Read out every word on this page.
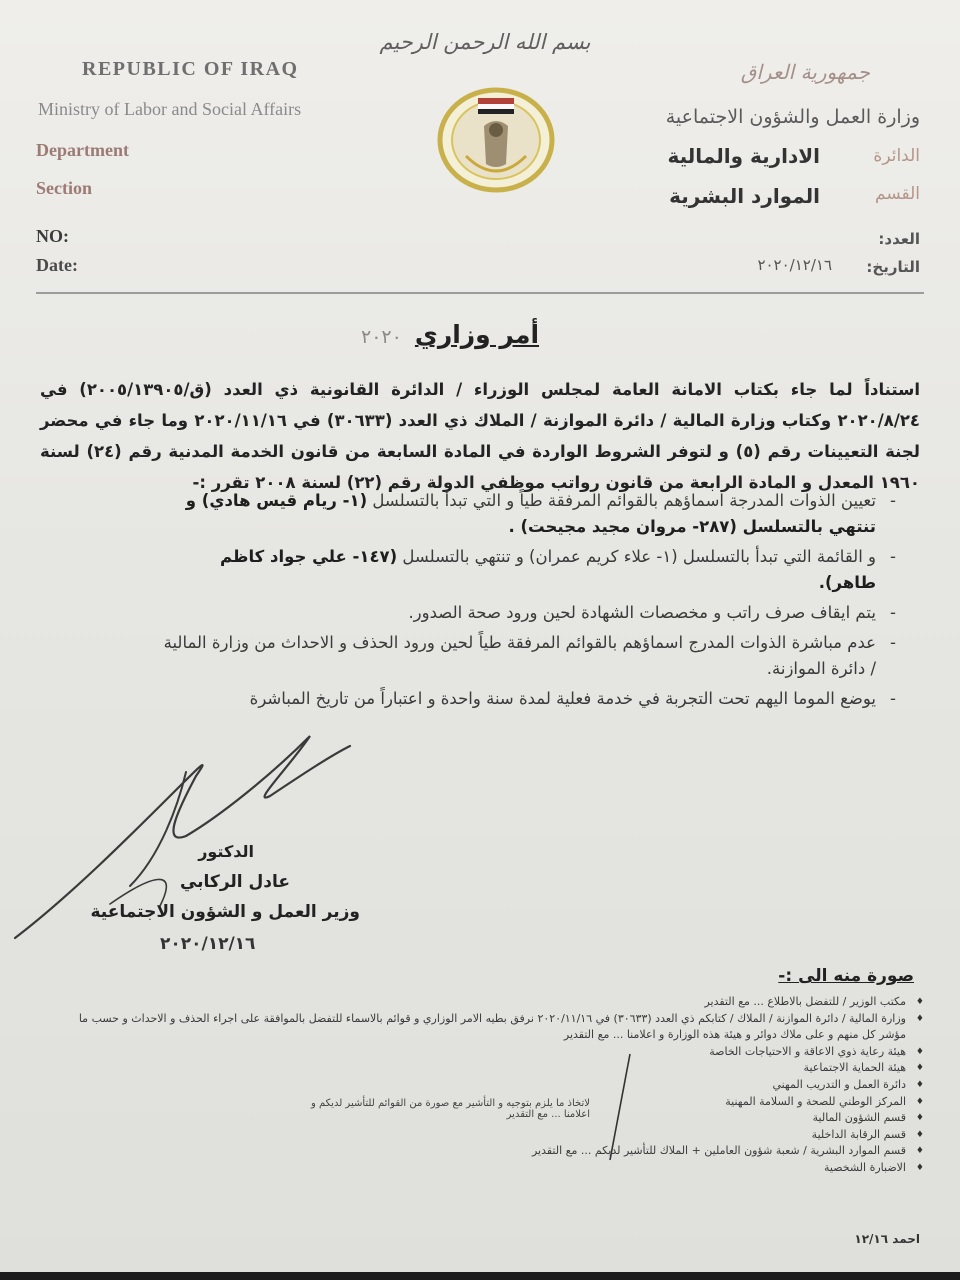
بسم الله الرحمن الرحيم
REPUBLIC OF IRAQ
Ministry of Labor and Social Affairs
Department
Section
NO:
Date:
جمهورية العراق
وزارة العمل والشؤون الاجتماعية
الدائرة
الادارية والمالية
القسم
الموارد البشرية
العدد:
التاريخ:
٢٠٢٠/١٢/١٦
أمر وزاري ٢٠٢٠
استناداً لما جاء بكتاب الامانة العامة لمجلس الوزراء / الدائرة القانونية ذي العدد (ق/٢٠٠٥/١٣٩٠٥) في ٢٠٢٠/٨/٢٤ وكتاب وزارة المالية / دائرة الموازنة / الملاك ذي العدد (٣٠٦٣٣) في ٢٠٢٠/١١/١٦ وما جاء في محضر لجنة التعيينات رقم (٥) و لتوفر الشروط الواردة في المادة السابعة من قانون الخدمة المدنية رقم (٢٤) لسنة ١٩٦٠ المعدل و المادة الرابعة من قانون رواتب موظفي الدولة رقم (٢٢) لسنة ٢٠٠٨ تقرر :-
- تعيين الذوات المدرجة اسماؤهم بالقوائم المرفقة طياً و التي تبدأ بالتسلسل (١- ريام قيس هادي) و تنتهي بالتسلسل (٢٨٧- مروان مجيد مجيحت) .
- و القائمة التي تبدأ بالتسلسل (١- علاء كريم عمران) و تنتهي بالتسلسل (١٤٧- علي جواد كاظم طاهر).
- يتم ايقاف صرف راتب و مخصصات الشهادة لحين ورود صحة الصدور.
- عدم مباشرة الذوات المدرج اسماؤهم بالقوائم المرفقة طياً لحين ورود الحذف و الاحداث من وزارة المالية / دائرة الموازنة.
- يوضع الموما اليهم تحت التجربة في خدمة فعلية لمدة سنة واحدة و اعتباراً من تاريخ المباشرة
الدكتور
عادل الركابي
وزير العمل و الشؤون الاجتماعية
٢٠٢٠/١٢/١٦
صورة منه الى :-
♦ مكتب الوزير / للتفضل بالاطلاع ... مع التقدير
♦ وزارة المالية / دائرة الموازنة / الملاك / كتابكم ذي العدد (٣٠٦٣٣) في ٢٠٢٠/١١/١٦ نرفق بطيه الامر الوزاري و قوائم بالاسماء للتفضل بالموافقة على اجراء الحذف و الاحداث و حسب ما مؤشر كل منهم و على ملاك دوائر و هيئة هذه الوزارة و اعلامنا ... مع التقدير
♦ هيئة رعاية ذوي الاعاقة و الاحتياجات الخاصة
♦ هيئة الحماية الاجتماعية
♦ دائرة العمل و التدريب المهني
♦ المركز الوطني للصحة و السلامة المهنية
♦ قسم الشؤون المالية
♦ قسم الرقابة الداخلية
♦ قسم الموارد البشرية / شعبة شؤون العاملين + الملاك للتأشير لديكم ... مع التقدير
♦ الاضبارة الشخصية
لاتخاذ ما يلزم بتوجيه و التأشير مع صورة من القوائم للتأشير لديكم و اعلامنا ... مع التقدير
احمد ١٢/١٦
